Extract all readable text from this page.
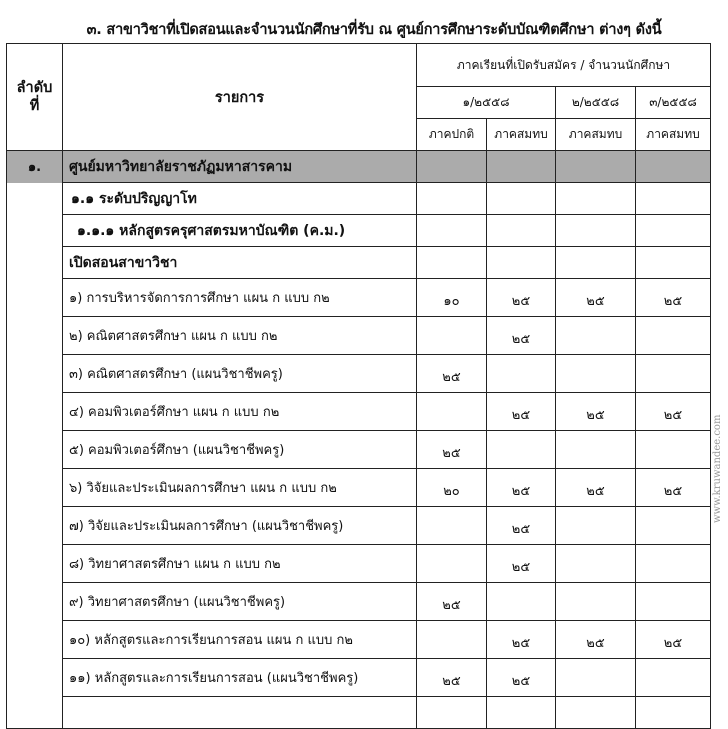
๓. สาขาวิชาที่เปิดสอนและจำนวนนักศึกษาที่รับ ณ ศูนย์การศึกษาระดับบัณฑิตศึกษา ต่างๆ ดังนี้
ลำดับ
ที่	รายการ	ภาคเรียนที่เปิดรับสมัคร / จำนวนนักศึกษา			
		๑/๒๕๕๘		๒/๒๕๕๘	๓/๒๕๕๘
		ภาคปกติ	ภาคสมทบ	ภาคสมทบ	ภาคสมทบ
๑.	ศูนย์มหาวิทยาลัยราชภัฏมหาสารคาม				
	๑.๑ ระดับปริญญาโท				
	๑.๑.๑ หลักสูตรครุศาสตรมหาบัณฑิต (ค.ม.)				
	เปิดสอนสาขาวิชา				
	๑) การบริหารจัดการการศึกษา แผน ก แบบ ก๒	๑๐	๒๕	๒๕	๒๕
	๒) คณิตศาสตรศึกษา แผน ก แบบ ก๒		๒๕		
	๓) คณิตศาสตรศึกษา (แผนวิชาชีพครู)	๒๕			
	๔) คอมพิวเตอร์ศึกษา แผน ก แบบ ก๒		๒๕	๒๕	๒๕
	๕) คอมพิวเตอร์ศึกษา (แผนวิชาชีพครู)	๒๕			
	๖) วิจัยและประเมินผลการศึกษา แผน ก แบบ ก๒	๒๐	๒๕	๒๕	๒๕
	๗) วิจัยและประเมินผลการศึกษา (แผนวิชาชีพครู)		๒๕		
	๘) วิทยาศาสตรศึกษา แผน ก แบบ ก๒		๒๕		
	๙) วิทยาศาสตรศึกษา (แผนวิชาชีพครู)	๒๕			
	๑๐) หลักสูตรและการเรียนการสอน แผน ก แบบ ก๒		๒๕	๒๕	๒๕
	๑๑) หลักสูตรและการเรียนการสอน (แผนวิชาชีพครู)	๒๕	๒๕		

www.kruwandee.com
